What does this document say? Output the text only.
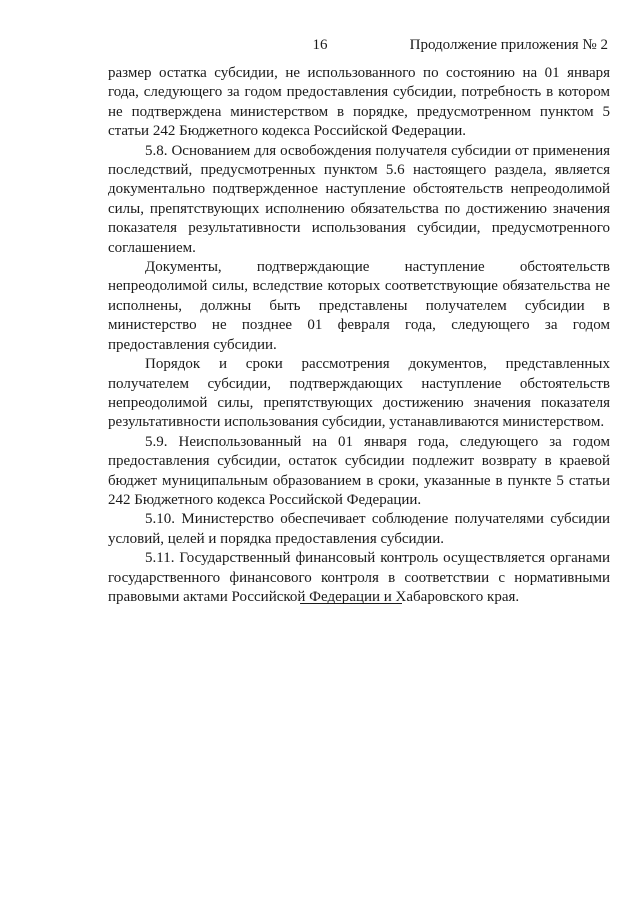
16	Продолжение приложения № 2

размер остатка субсидии, не использованного по состоянию на 01 января года, следующего за годом предоставления субсидии, потребность в котором не подтверждена министерством в порядке, предусмотренном пунктом 5 статьи 242 Бюджетного кодекса Российской Федерации.

5.8. Основанием для освобождения получателя субсидии от применения последствий, предусмотренных пунктом 5.6 настоящего раздела, является документально подтвержденное наступление обстоятельств непреодолимой силы, препятствующих исполнению обязательства по достижению значения показателя результативности использования субсидии, предусмотренного соглашением.

Документы, подтверждающие наступление обстоятельств непреодолимой силы, вследствие которых соответствующие обязательства не исполнены, должны быть представлены получателем субсидии в министерство не позднее 01 февраля года, следующего за годом предоставления субсидии.

Порядок и сроки рассмотрения документов, представленных получателем субсидии, подтверждающих наступление обстоятельств непреодолимой силы, препятствующих достижению значения показателя результативности использования субсидии, устанавливаются министерством.

5.9. Неиспользованный на 01 января года, следующего за годом предоставления субсидии, остаток субсидии подлежит возврату в краевой бюджет муниципальным образованием в сроки, указанные в пункте 5 статьи 242 Бюджетного кодекса Российской Федерации.

5.10. Министерство обеспечивает соблюдение получателями субсидии условий, целей и порядка предоставления субсидии.

5.11. Государственный финансовый контроль осуществляется органами государственного финансового контроля в соответствии с нормативными правовыми актами Российской Федерации и Хабаровского края.
